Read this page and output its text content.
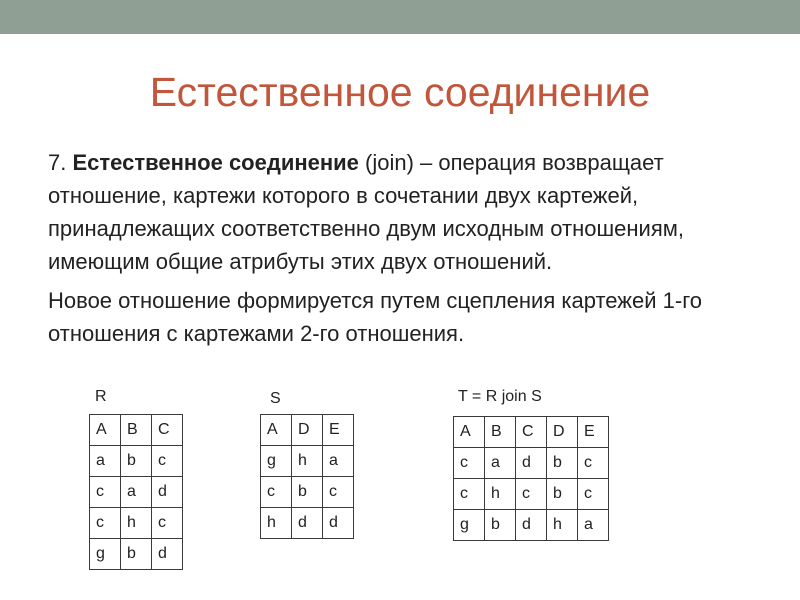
Естественное соединение

7. Естественное соединение (join) – операция возвращает отношение, картежи которого в сочетании двух картежей, принадлежащих соответственно двум исходным отношениям, имеющим общие атрибуты этих двух отношений.

Новое отношение формируется путем сцепления картежей 1-го отношения с картежами 2-го отношения.

R
A	B	C
a	b	c
c	a	d
c	h	c
g	b	d
S
A	D	E
g	h	a
c	b	c
h	d	d
T = R join S
A	B	C	D	E
c	a	d	b	c
c	h	c	b	c
g	b	d	h	a
